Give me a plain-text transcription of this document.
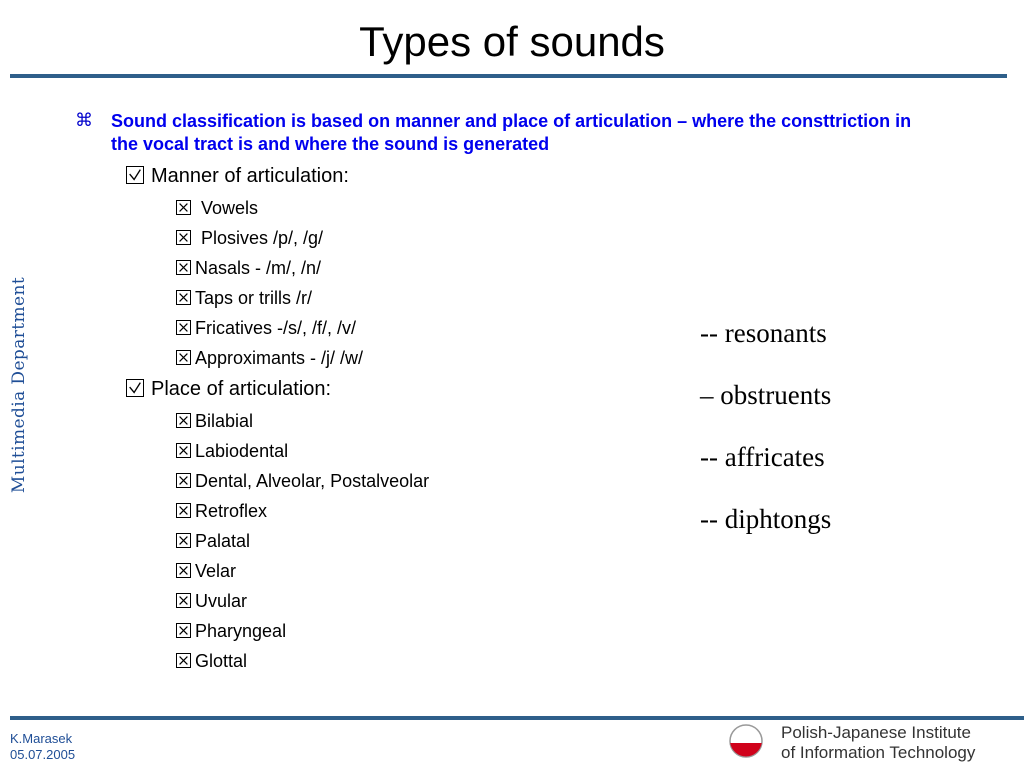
Types of sounds
Multimedia Department
⌘ Sound classification is based on manner and place of articulation – where the consttriction in the vocal tract is and where the sound is generated
Manner of articulation:
Vowels
Plosives /p/, /g/
Nasals - /m/, /n/
Taps or trills /r/
Fricatives -/s/, /f/, /v/
Approximants - /j/ /w/
Place of articulation:
Bilabial
Labiodental
Dental, Alveolar, Postalveolar
Retroflex
Palatal
Velar
Uvular
Pharyngeal
Glottal
-- resonants
– obstruents
-- affricates
-- diphtongs
K.Marasek
05.07.2005
Polish-Japanese Institute
of Information Technology
